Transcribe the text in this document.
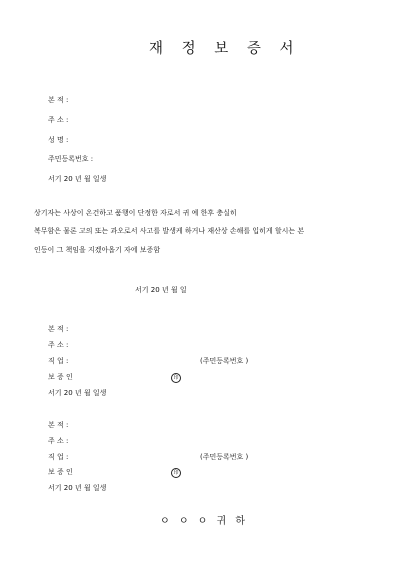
재 정 보 증 서
본 적 :
주 소 :
성 명 :
주민등록번호 :
서기 20 년 월 일생
상기자는 사상이 온건하고 품행이 단정한 자로서 귀 예 한후 충실히
복무함은 물론 고의 또는 과오로서 사고를 발생케 하거나 재산상 손해를 입히게 할시는 본
인등이 그 책임을 지겠아옵기 자에 보증함
서기 20 년 월 일
본 적 :
주 소 :
직 업 :	(주민등록번호 )
보 증 인	印
서기 20 년 월 일생
본 적 :
주 소 :
직 업 :	(주민등록번호 )
보 증 인	印
서기 20 년 월 일생
ㅇ ㅇ ㅇ 귀 하
